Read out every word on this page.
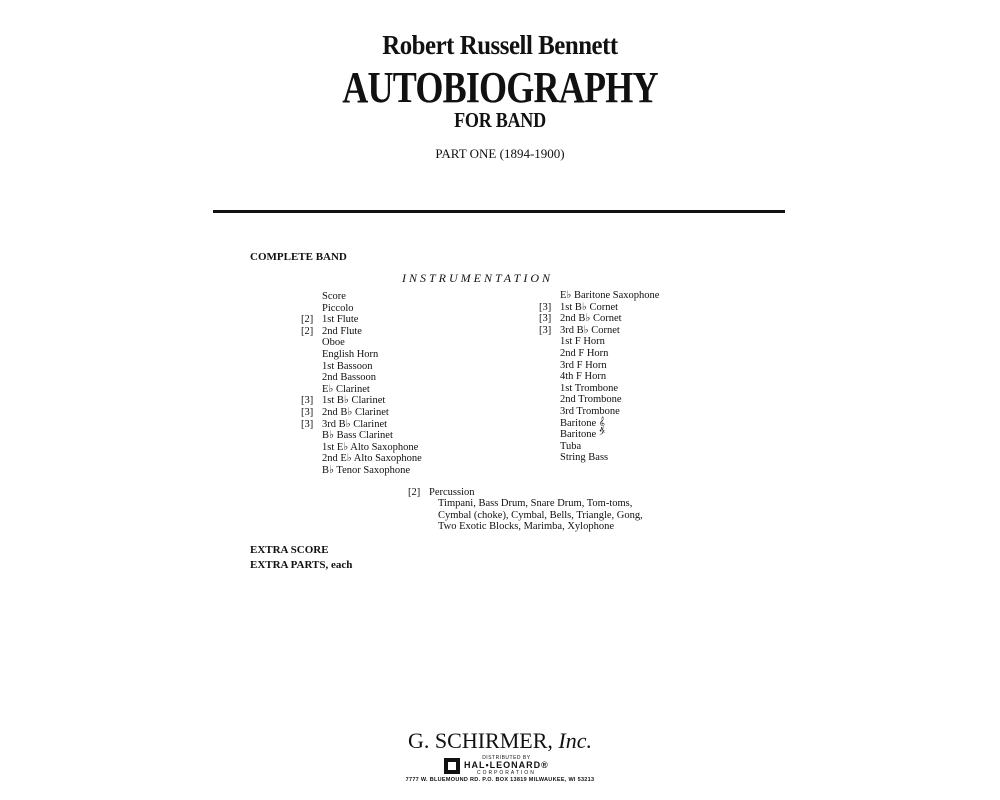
Robert Russell Bennett
AUTOBIOGRAPHY
FOR BAND
PART ONE (1894-1900)
COMPLETE BAND
INSTRUMENTATION
Score
Piccolo
[2] 1st Flute
[2] 2nd Flute
Oboe
English Horn
1st Bassoon
2nd Bassoon
E♭ Clarinet
[3] 1st B♭ Clarinet
[3] 2nd B♭ Clarinet
[3] 3rd B♭ Clarinet
B♭ Bass Clarinet
1st E♭ Alto Saxophone
2nd E♭ Alto Saxophone
B♭ Tenor Saxophone
E♭ Baritone Saxophone
[3] 1st B♭ Cornet
[3] 2nd B♭ Cornet
[3] 3rd B♭ Cornet
1st F Horn
2nd F Horn
3rd F Horn
4th F Horn
1st Trombone
2nd Trombone
3rd Trombone
Baritone 𝄞
Baritone 𝄢
Tuba
String Bass
[2] Percussion
Timpani, Bass Drum, Snare Drum, Tom-toms,
Cymbal (choke), Cymbal, Bells, Triangle, Gong,
Two Exotic Blocks, Marimba, Xylophone
EXTRA SCORE
EXTRA PARTS, each
G. SCHIRMER, Inc.
DISTRIBUTED BY
HAL•LEONARD®
CORPORATION
7777 W. BLUEMOUND RD. P.O. BOX 13819 MILWAUKEE, WI 53213
